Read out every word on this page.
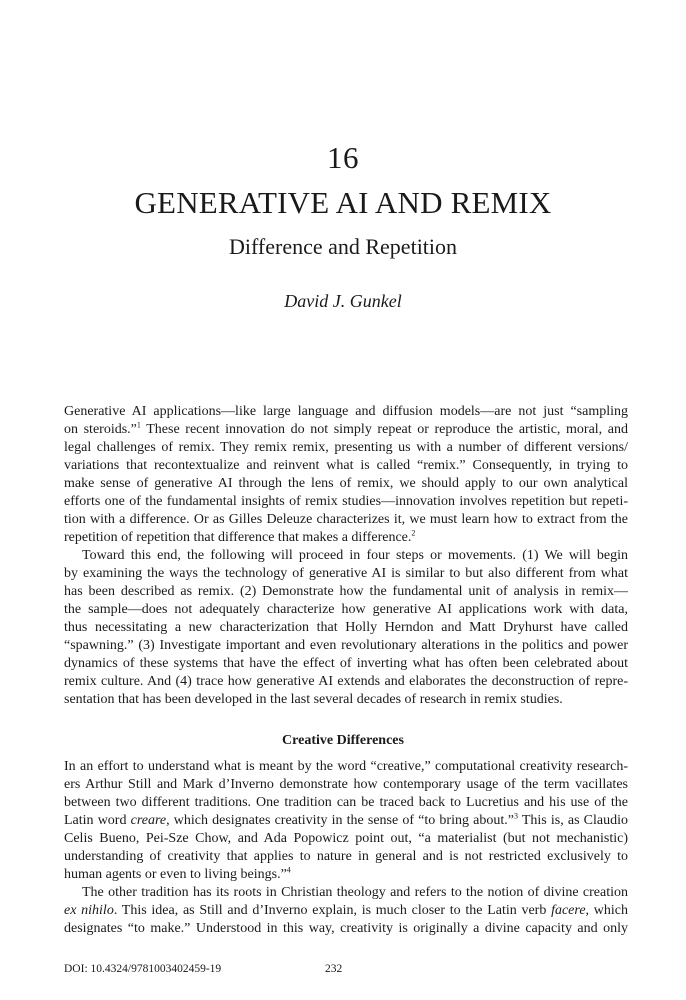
16
GENERATIVE AI AND REMIX
Difference and Repetition
David J. Gunkel
Generative AI applications—like large language and diffusion models—are not just “sampling
on steroids.”$^1$ These recent innovation do not simply repeat or reproduce the artistic, moral, and
legal challenges of remix. They remix remix, presenting us with a number of different versions/
variations that recontextualize and reinvent what is called “remix.” Consequently, in trying to
make sense of generative AI through the lens of remix, we should apply to our own analytical
efforts one of the fundamental insights of remix studies—innovation involves repetition but repeti-
tion with a difference. Or as Gilles Deleuze characterizes it, we must learn how to extract from the
repetition of repetition that difference that makes a difference.$^2$
Toward this end, the following will proceed in four steps or movements. (1) We will begin
by examining the ways the technology of generative AI is similar to but also different from what
has been described as remix. (2) Demonstrate how the fundamental unit of analysis in remix—
the sample—does not adequately characterize how generative AI applications work with data,
thus necessitating a new characterization that Holly Herndon and Matt Dryhurst have called
“spawning.” (3) Investigate important and even revolutionary alterations in the politics and power
dynamics of these systems that have the effect of inverting what has often been celebrated about
remix culture. And (4) trace how generative AI extends and elaborates the deconstruction of repre-
sentation that has been developed in the last several decades of research in remix studies.
Creative Differences
In an effort to understand what is meant by the word “creative,” computational creativity research-
ers Arthur Still and Mark d’Inverno demonstrate how contemporary usage of the term vacillates
between two different traditions. One tradition can be traced back to Lucretius and his use of the
Latin word creare, which designates creativity in the sense of “to bring about.”$^3$ This is, as Claudio
Celis Bueno, Pei-Sze Chow, and Ada Popowicz point out, “a materialist (but not mechanistic)
understanding of creativity that applies to nature in general and is not restricted exclusively to
human agents or even to living beings.”$^4$
The other tradition has its roots in Christian theology and refers to the notion of divine creation
ex nihilo. This idea, as Still and d’Inverno explain, is much closer to the Latin verb facere, which
designates “to make.” Understood in this way, creativity is originally a divine capacity and only
DOI: 10.4324/9781003402459-19	232
